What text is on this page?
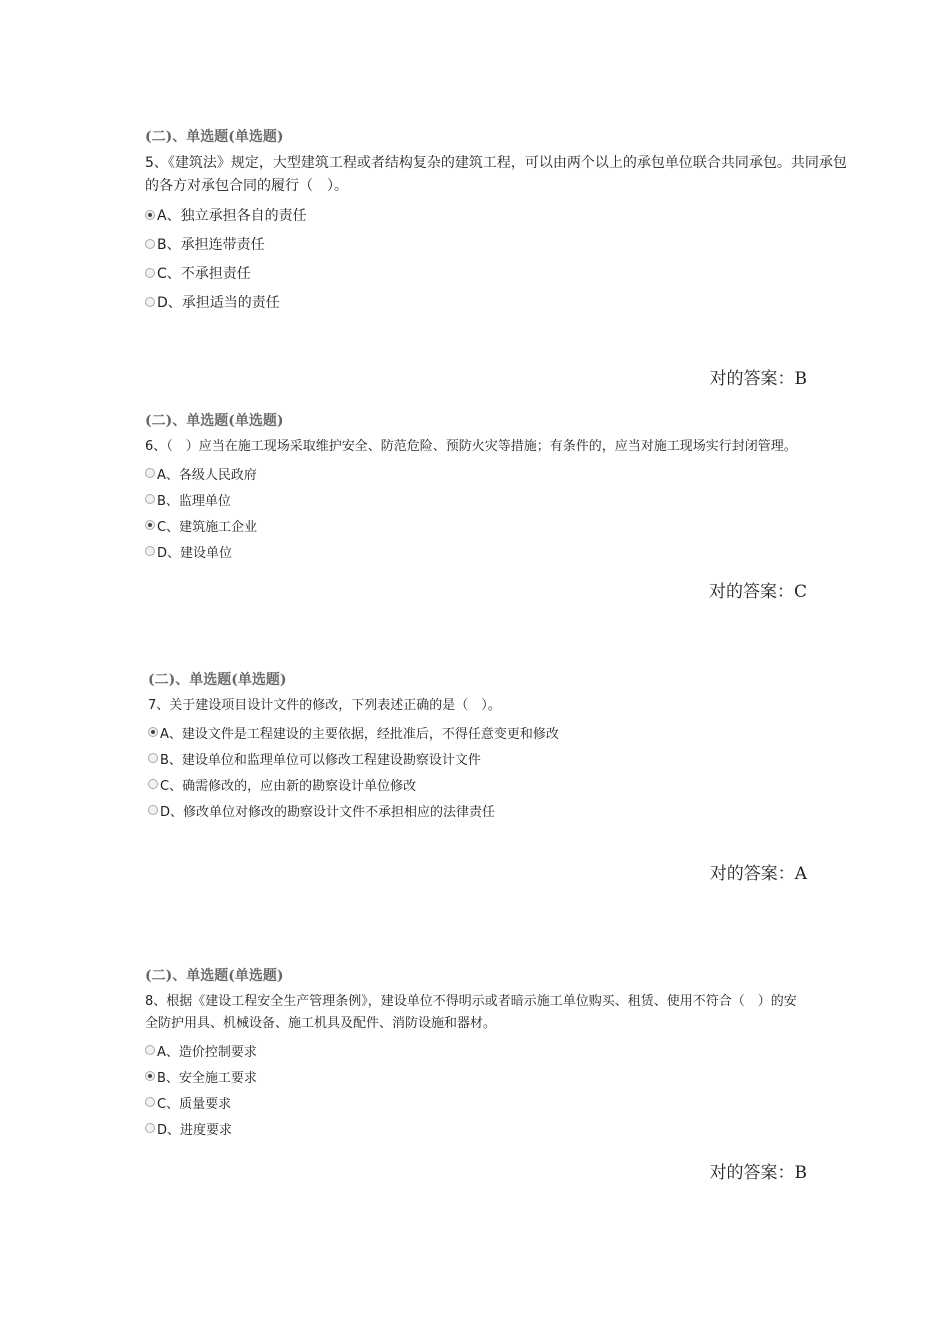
(二)、单选题(单选题)
5、《建筑法》规定，大型建筑工程或者结构复杂的建筑工程，可以由两个以上的承包单位联合共同承包。共同承包
的各方对承包合同的履行（　）。
A、独立承担各自的责任
B、承担连带责任
C、不承担责任
D、承担适当的责任
对的答案：B
(二)、单选题(单选题)
6、（　）应当在施工现场采取维护安全、防范危险、预防火灾等措施；有条件的，应当对施工现场实行封闭管理。
A、各级人民政府
B、监理单位
C、建筑施工企业
D、建设单位
对的答案：C
(二)、单选题(单选题)
7、关于建设项目设计文件的修改，下列表述正确的是（　）。
A、建设文件是工程建设的主要依据，经批准后，不得任意变更和修改
B、建设单位和监理单位可以修改工程建设勘察设计文件
C、确需修改的，应由新的勘察设计单位修改
D、修改单位对修改的勘察设计文件不承担相应的法律责任
对的答案：A
(二)、单选题(单选题)
8、根据《建设工程安全生产管理条例》，建设单位不得明示或者暗示施工单位购买、租赁、使用不符合（　）的安
全防护用具、机械设备、施工机具及配件、消防设施和器材。
A、造价控制要求
B、安全施工要求
C、质量要求
D、进度要求
对的答案：B
